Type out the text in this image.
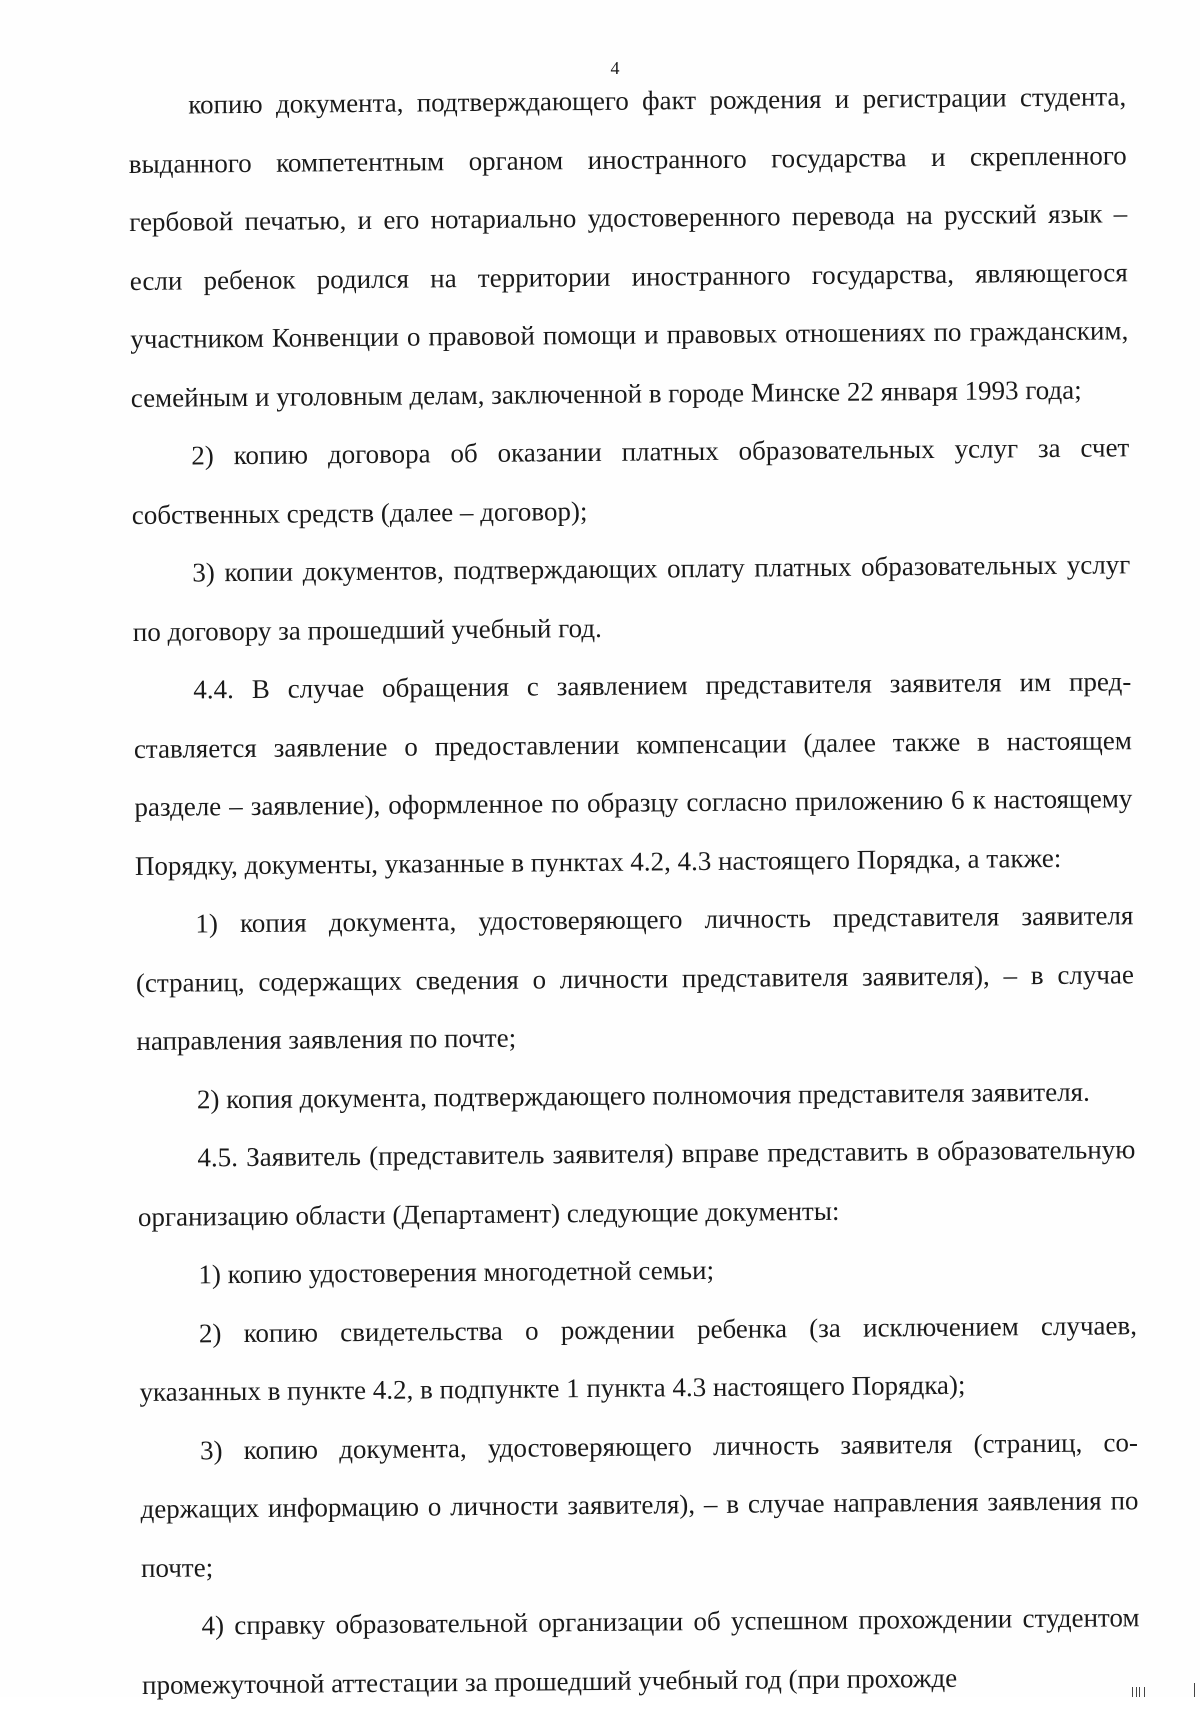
4

копию документа, подтверждающего факт рождения и регистрации студента, выданного компетентным органом иностранного государства и скрепленного гербовой печатью, и его нотариально удостоверенного перевода на русский язык – если ребенок родился на территории иностранного государства, являющегося участником Конвенции о правовой помощи и правовых отношениях по гражданским, семейным и уголовным делам, заключенной в городе Минске 22 января 1993 года;

2) копию договора об оказании платных образовательных услуг за счет собственных средств (далее – договор);

3) копии документов, подтверждающих оплату платных образовательных услуг по договору за прошедший учебный год.

4.4. В случае обращения с заявлением представителя заявителя им представляется заявление о предоставлении компенсации (далее также в настоящем разделе – заявление), оформленное по образцу согласно приложению 6 к настоящему Порядку, документы, указанные в пунктах 4.2, 4.3 настоящего Порядка, а также:

1) копия документа, удостоверяющего личность представителя заявителя (страниц, содержащих сведения о личности представителя заявителя), – в случае направления заявления по почте;

2) копия документа, подтверждающего полномочия представителя заявителя.

4.5. Заявитель (представитель заявителя) вправе представить в образовательную организацию области (Департамент) следующие документы:

1) копию удостоверения многодетной семьи;

2) копию свидетельства о рождении ребенка (за исключением случаев, указанных в пункте 4.2, в подпункте 1 пункта 4.3 настоящего Порядка);

3) копию документа, удостоверяющего личность заявителя (страниц, содержащих информацию о личности заявителя), – в случае направления заявления по почте;

4) справку образовательной организации об успешном прохождении студентом промежуточной аттестации за прошедший учебный год (при прохожде
